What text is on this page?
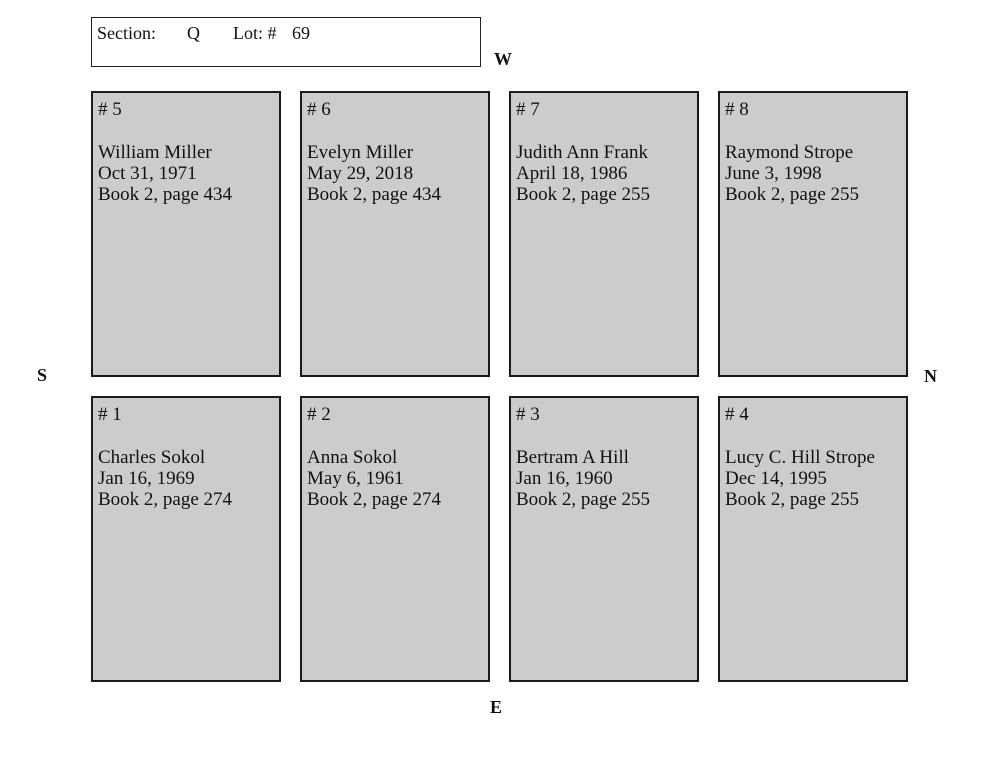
Section: Q Lot: # 69
W
E
S	N
# 5
William Miller
Oct 31, 1971
Book 2, page 434
# 6
Evelyn Miller
May 29, 2018
Book 2, page 434
# 7
Judith Ann Frank
April 18, 1986
Book 2, page 255
# 8
Raymond Strope
June 3, 1998
Book 2, page 255
# 1
Charles Sokol
Jan 16, 1969
Book 2, page 274
# 2
Anna Sokol
May 6, 1961
Book 2, page 274
# 3
Bertram A Hill
Jan 16, 1960
Book 2, page 255
# 4
Lucy C. Hill Strope
Dec 14, 1995
Book 2, page 255
